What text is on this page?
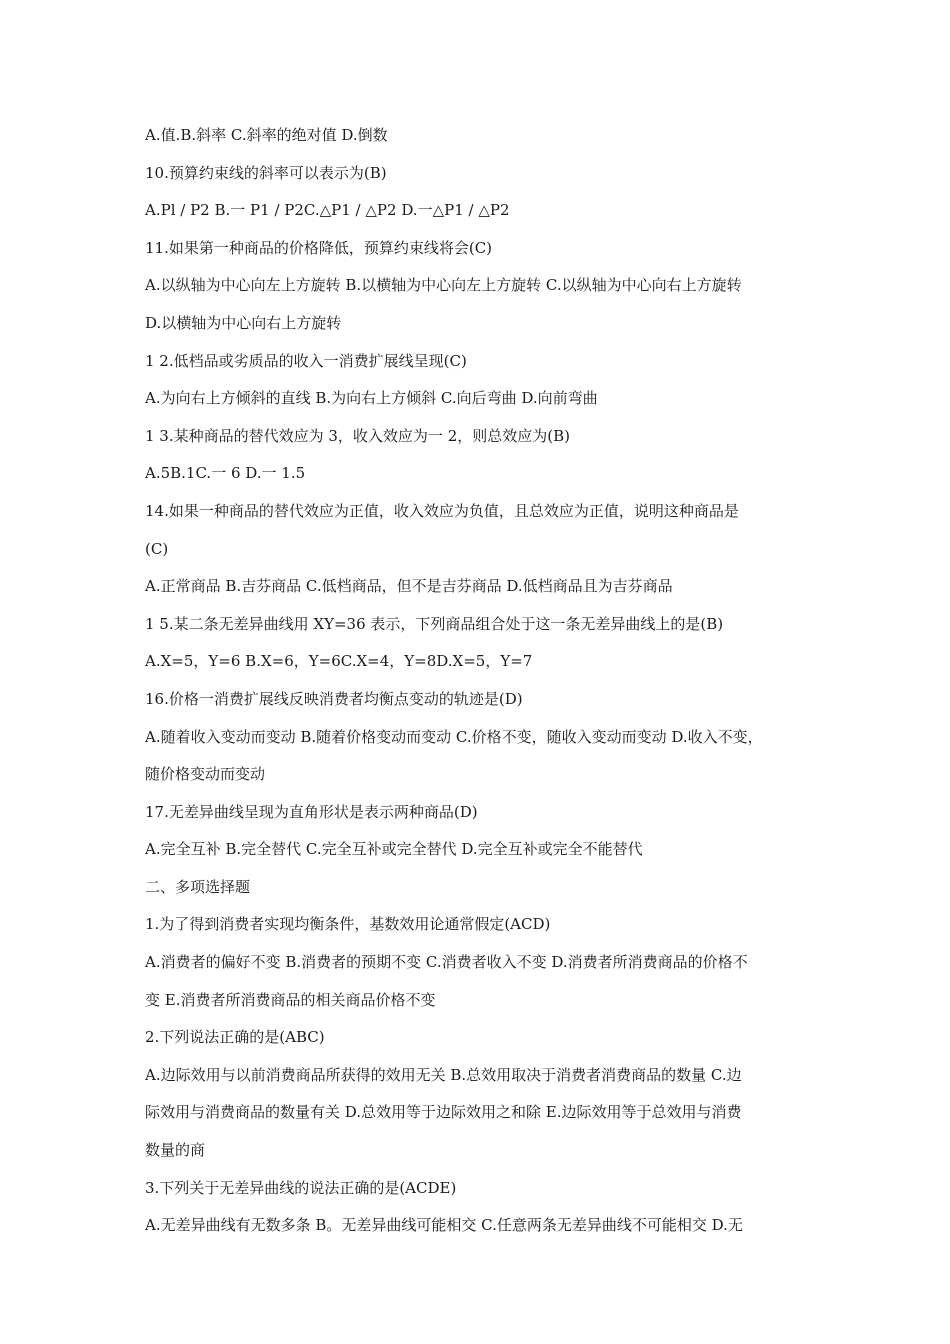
A.值.B.斜率 C.斜率的绝对值 D.倒数
10.预算约束线的斜率可以表示为(B)
A.Pl / P2 B.一 P1 / P2C.△P1 / △P2 D.一△P1 / △P2
11.如果第一种商品的价格降低，预算约束线将会(C)
A.以纵轴为中心向左上方旋转 B.以横轴为中心向左上方旋转 C.以纵轴为中心向右上方旋转
D.以横轴为中心向右上方旋转
1 2.低档品或劣质品的收入一消费扩展线呈现(C)
A.为向右上方倾斜的直线 B.为向右上方倾斜 C.向后弯曲 D.向前弯曲
1 3.某种商品的替代效应为 3，收入效应为一 2，则总效应为(B)
A.5B.1C.一 6 D.一 1.5
14.如果一种商品的替代效应为正值，收入效应为负值，且总效应为正值，说明这种商品是
(C)
A.正常商品 B.吉芬商品 C.低档商品，但不是吉芬商品 D.低档商品且为吉芬商品
1 5.某二条无差异曲线用 XY=36 表示，下列商品组合处于这一条无差异曲线上的是(B)
A.X=5，Y=6 B.X=6，Y=6C.X=4，Y=8D.X=5，Y=7
16.价格一消费扩展线反映消费者均衡点变动的轨迹是(D)
A.随着收入变动而变动 B.随着价格变动而变动 C.价格不变，随收入变动而变动 D.收入不变，
随价格变动而变动
17.无差异曲线呈现为直角形状是表示两种商品(D)
A.完全互补 B.完全替代 C.完全互补或完全替代 D.完全互补或完全不能替代
二、多项选择题
1.为了得到消费者实现均衡条件，基数效用论通常假定(ACD)
A.消费者的偏好不变 B.消费者的预期不变 C.消费者收入不变 D.消费者所消费商品的价格不
变 E.消费者所消费商品的相关商品价格不变
2.下列说法正确的是(ABC)
A.边际效用与以前消费商品所获得的效用无关 B.总效用取决于消费者消费商品的数量 C.边
际效用与消费商品的数量有关 D.总效用等于边际效用之和除 E.边际效用等于总效用与消费
数量的商
3.下列关于无差异曲线的说法正确的是(ACDE)
A.无差异曲线有无数多条 B。无差异曲线可能相交 C.任意两条无差异曲线不可能相交 D.无
